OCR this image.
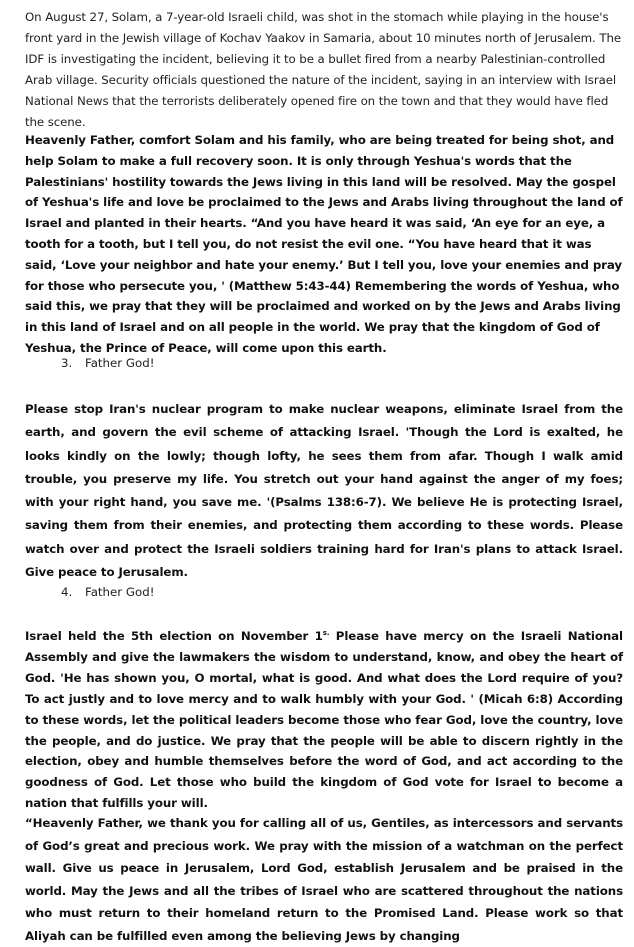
On August 27, Solam, a 7-year-old Israeli child, was shot in the stomach while playing in the house's front yard in the Jewish village of Kochav Yaakov in Samaria, about 10 minutes north of Jerusalem. The IDF is investigating the incident, believing it to be a bullet fired from a nearby Palestinian-controlled Arab village. Security officials questioned the nature of the incident, saying in an interview with Israel National News that the terrorists deliberately opened fire on the town and that they would have fled the scene.

Heavenly Father, comfort Solam and his family, who are being treated for being shot, and help Solam to make a full recovery soon. It is only through Yeshua's words that the Palestinians' hostility towards the Jews living in this land will be resolved. May the gospel of Yeshua's life and love be proclaimed to the Jews and Arabs living throughout the land of Israel and planted in their hearts. “And you have heard it was said, ‘An eye for an eye, a tooth for a tooth, but I tell you, do not resist the evil one. “You have heard that it was said, ‘Love your neighbor and hate your enemy.’ But I tell you, love your enemies and pray for those who persecute you, ' (Matthew 5:43-44) Remembering the words of Yeshua, who said this, we pray that they will be proclaimed and worked on by the Jews and Arabs living in this land of Israel and on all people in the world. We pray that the kingdom of God of Yeshua, the Prince of Peace, will come upon this earth.

3. Father God!

Please stop Iran's nuclear program to make nuclear weapons, eliminate Israel from the earth, and govern the evil scheme of attacking Israel. 'Though the Lord is exalted, he looks kindly on the lowly; though lofty, he sees them from afar. Though I walk amid trouble, you preserve my life. You stretch out your hand against the anger of my foes; with your right hand, you save me. '(Psalms 138:6-7). We believe He is protecting Israel, saving them from their enemies, and protecting them according to these words. Please watch over and protect the Israeli soldiers training hard for Iran's plans to attack Israel. Give peace to Jerusalem.

4. Father God!

Israel held the 5th election on November $1^{s.}$ Please have mercy on the Israeli National Assembly and give the lawmakers the wisdom to understand, know, and obey the heart of God. 'He has shown you, O mortal, what is good. And what does the Lord require of you? To act justly and to love mercy and to walk humbly with your God. ' (Micah 6:8) According to these words, let the political leaders become those who fear God, love the country, love the people, and do justice. We pray that the people will be able to discern rightly in the election, obey and humble themselves before the word of God, and act according to the goodness of God. Let those who build the kingdom of God vote for Israel to become a nation that fulfills your will.

“Heavenly Father, we thank you for calling all of us, Gentiles, as intercessors and servants of God’s great and precious work. We pray with the mission of a watchman on the perfect wall. Give us peace in Jerusalem, Lord God, establish Jerusalem and be praised in the world. May the Jews and all the tribes of Israel who are scattered throughout the nations who must return to their homeland return to the Promised Land. Please work so that Aliyah can be fulfilled even among the believing Jews by changing
